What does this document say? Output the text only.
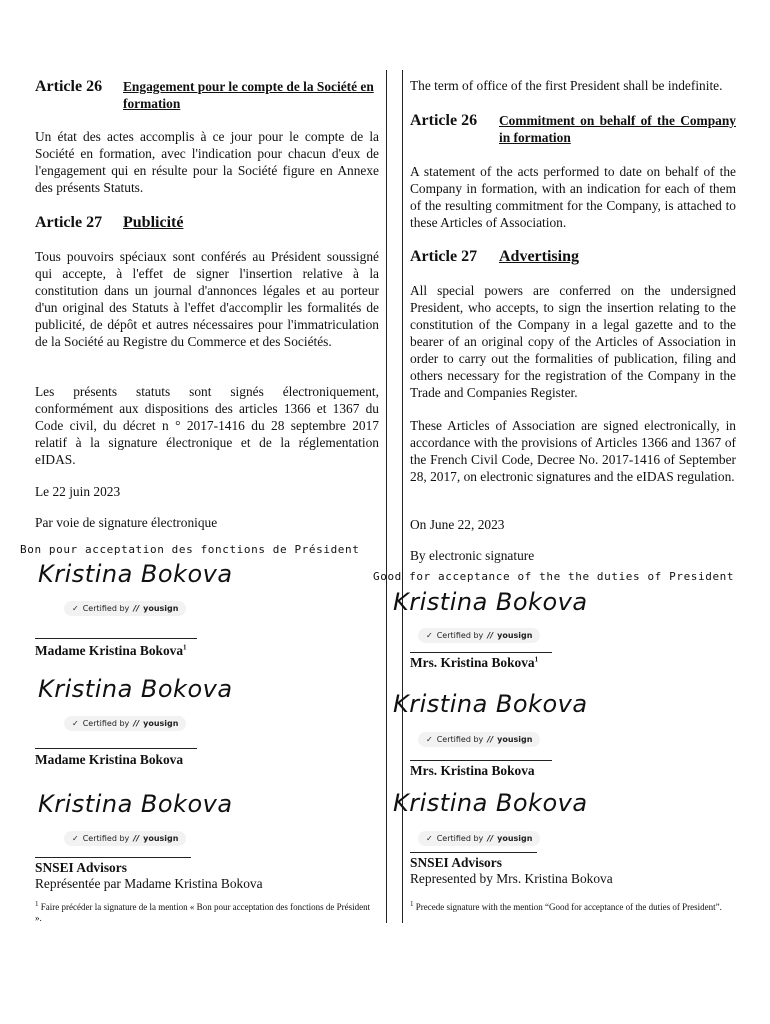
Article 26 Engagement pour le compte de la Société en formation
Un état des actes accomplis à ce jour pour le compte de la Société en formation, avec l'indication pour chacun d'eux de l'engagement qui en résulte pour la Société figure en Annexe des présents Statuts.
Article 27 Publicité
Tous pouvoirs spéciaux sont conférés au Président soussigné qui accepte, à l'effet de signer l'insertion relative à la constitution dans un journal d'annonces légales et au porteur d'un original des Statuts à l'effet d'accomplir les formalités de publicité, de dépôt et autres nécessaires pour l'immatriculation de la Société au Registre du Commerce et des Sociétés.
Les présents statuts sont signés électroniquement, conformément aux dispositions des articles 1366 et 1367 du Code civil, du décret n ° 2017-1416 du 28 septembre 2017 relatif à la signature électronique et de la réglementation eIDAS.
Le 22 juin 2023
Par voie de signature électronique
Bon pour acceptation des fonctions de Président
Kristina Bokova
✓ Certified by // yousign
Madame Kristina Bokova$^1$
Kristina Bokova
✓ Certified by // yousign
Madame Kristina Bokova
Kristina Bokova
✓ Certified by // yousign
SNSEI Advisors
Représentée par Madame Kristina Bokova
$^1$ Faire précéder la signature de la mention « Bon pour acceptation des fonctions de Président ».
The term of office of the first President shall be indefinite.
Article 26 Commitment on behalf of the Company in formation
A statement of the acts performed to date on behalf of the Company in formation, with an indication for each of them of the resulting commitment for the Company, is attached to these Articles of Association.
Article 27 Advertising
All special powers are conferred on the undersigned President, who accepts, to sign the insertion relating to the constitution of the Company in a legal gazette and to the bearer of an original copy of the Articles of Association in order to carry out the formalities of publication, filing and others necessary for the registration of the Company in the Trade and Companies Register.
These Articles of Association are signed electronically, in accordance with the provisions of Articles 1366 and 1367 of the French Civil Code, Decree No. 2017-1416 of September 28, 2017, on electronic signatures and the eIDAS regulation.
On June 22, 2023
By electronic signature
Good for acceptance of the the duties of President
Kristina Bokova
✓ Certified by // yousign
Mrs. Kristina Bokova$^1$
Kristina Bokova
✓ Certified by // yousign
Mrs. Kristina Bokova
Kristina Bokova
✓ Certified by // yousign
SNSEI Advisors
Represented by Mrs. Kristina Bokova
$^1$ Precede signature with the mention “Good for acceptance of the duties of President”.
